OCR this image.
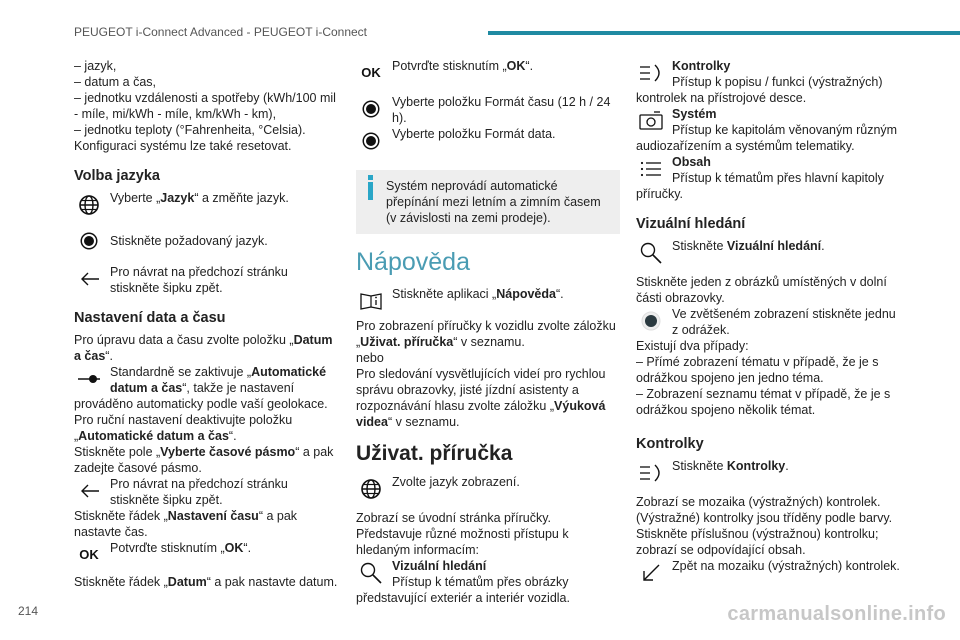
PEUGEOT i-Connect Advanced - PEUGEOT i-Connect

– jazyk,

– datum a čas,

– jednotku vzdálenosti a spotřeby (kWh/100 mil - míle, mi/kWh - míle, km/kWh - km),

– jednotku teploty (°Fahrenheita, °Celsia).

Konfiguraci systému lze také resetovat.

Volba jazyka
Vyberte „Jazyk“ a změňte jazyk.
Stiskněte požadovaný jazyk.
Pro návrat na předchozí stránku stiskněte šipku zpět.
Nastavení data a času

Pro úpravu data a času zvolte položku „Datum a čas“.

Standardně se zaktivuje „Automatické datum a čas“, takže je nastavení prováděno automaticky podle vaší geolokace.

Pro ruční nastavení deaktivujte položku „Automatické datum a čas“.

Stiskněte pole „Vyberte časové pásmo“ a pak zadejte časové pásmo.

Pro návrat na předchozí stránku stiskněte šipku zpět.

Stiskněte řádek „Nastavení času“ a pak nastavte čas.

OK Potvrďte stisknutím „OK“.

Stiskněte řádek „Datum“ a pak nastavte datum.

OK Potvrďte stisknutím „OK“.
Vyberte položku Formát času (12 h / 24 h).
Vyberte položku Formát data.
Systém neprovádí automatické přepínání mezi letním a zimním časem (v závislosti na zemi prodeje).
Nápověda
Stiskněte aplikaci „Nápověda“.

Pro zobrazení příručky k vozidlu zvolte záložku „Uživat. příručka“ v seznamu.

nebo

Pro sledování vysvětlujících videí pro rychlou správu obrazovky, jisté jízdní asistenty a rozpoznávání hlasu zvolte záložku „Výuková videa“ v seznamu.

Uživat. příručka
Zvolte jazyk zobrazení.

Zobrazí se úvodní stránka příručky.

Představuje různé možnosti přístupu k hledaným informacím:

Vizuální hledání
Přístup k tématům přes obrázky představující exteriér a interiér vozidla.
Kontrolky
Přístup k popisu / funkci (výstražných) kontrolek na přístrojové desce.
Systém
Přístup ke kapitolám věnovaným různým audiozařízením a systémům telematiky.
Obsah
Přístup k tématům přes hlavní kapitoly příručky.
Vizuální hledání
Stiskněte Vizuální hledání.

Stiskněte jeden z obrázků umístěných v dolní části obrazovky.

Ve zvětšeném zobrazení stiskněte jednu z odrážek.

Existují dva případy:

– Přímé zobrazení tématu v případě, že je s odrážkou spojeno jen jedno téma.

– Zobrazení seznamu témat v případě, že je s odrážkou spojeno několik témat.

Kontrolky
Stiskněte Kontrolky.

Zobrazí se mozaika (výstražných) kontrolek. (Výstražné) kontrolky jsou tříděny podle barvy.

Stiskněte příslušnou (výstražnou) kontrolku; zobrazí se odpovídající obsah.

Zpět na mozaiku (výstražných) kontrolek.
214	carmanualsonline.info
